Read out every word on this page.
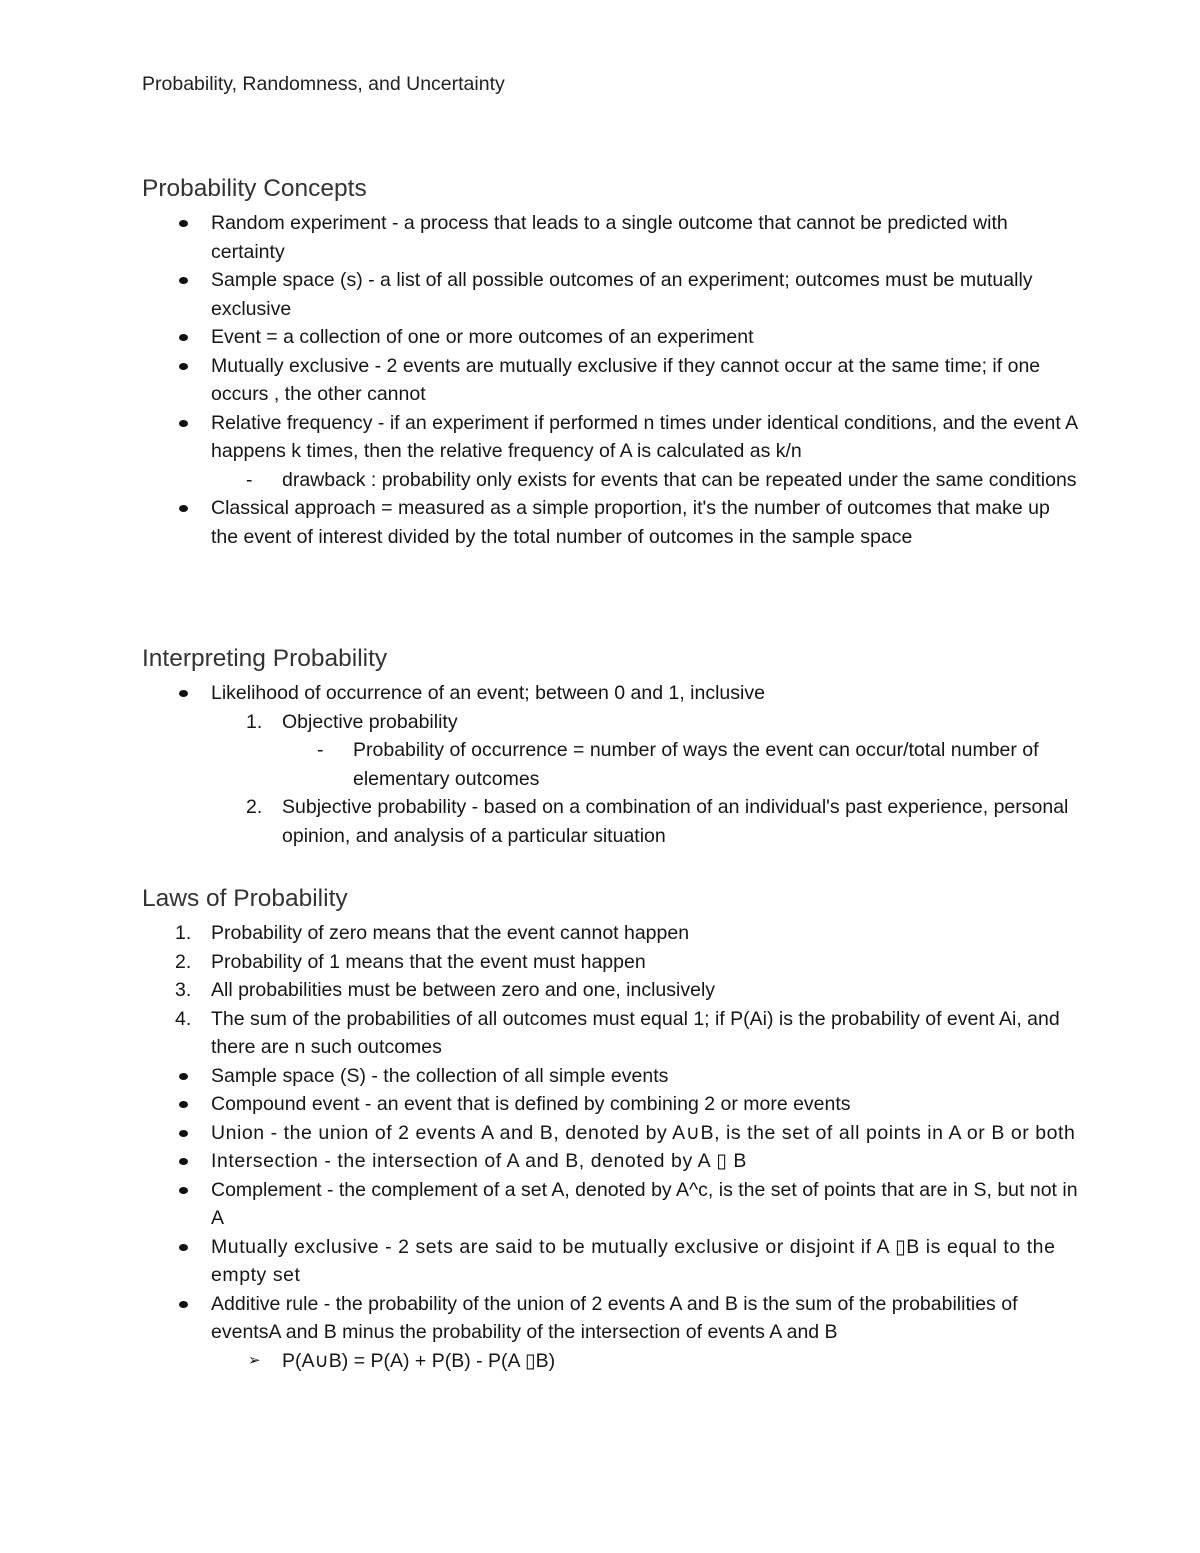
Probability, Randomness, and Uncertainty
Probability Concepts
Random experiment - a process that leads to a single outcome that cannot be predicted with certainty
Sample space (s) - a list of all possible outcomes of an experiment; outcomes must be mutually exclusive
Event = a collection of one or more outcomes of an experiment
Mutually exclusive - 2 events are mutually exclusive if they cannot occur at the same time; if one occurs , the other cannot
Relative frequency - if an experiment if performed n times under identical conditions, and the event A happens k times, then the relative frequency of A is calculated as k/n
- drawback : probability only exists for events that can be repeated under the same conditions
Classical approach = measured as a simple proportion, it's the number of outcomes that make up the event of interest divided by the total number of outcomes in the sample space
Interpreting Probability
Likelihood of occurrence of an event; between 0 and 1, inclusive
1. Objective probability
- Probability of occurrence = number of ways the event can occur/total number of elementary outcomes
2. Subjective probability - based on a combination of an individual's past experience, personal opinion, and analysis of a particular situation
Laws of Probability
1.	Probability of zero means that the event cannot happen
2.	Probability of 1 means that the event must happen
3.	All probabilities must be between zero and one, inclusively
4.	The sum of the probabilities of all outcomes must equal 1; if P(Ai) is the probability of event Ai, and there are n such outcomes
Sample space (S) - the collection of all simple events
Compound event - an event that is defined by combining 2 or more events
Union - the union of 2 events A and B, denoted by A∪B, is the set of all points in A or B or both
Intersection - the intersection of A and B, denoted by A ▯ B
Complement - the complement of a set A, denoted by A^c, is the set of points that are in S, but not in A
Mutually exclusive - 2 sets are said to be mutually exclusive or disjoint if A ▯B is equal to the empty set
Additive rule - the probability of the union of 2 events A and B is the sum of the probabilities of eventsA and B minus the probability of the intersection of events A and B
➢ P(A∪B) = P(A) + P(B) - P(A ▯B)
